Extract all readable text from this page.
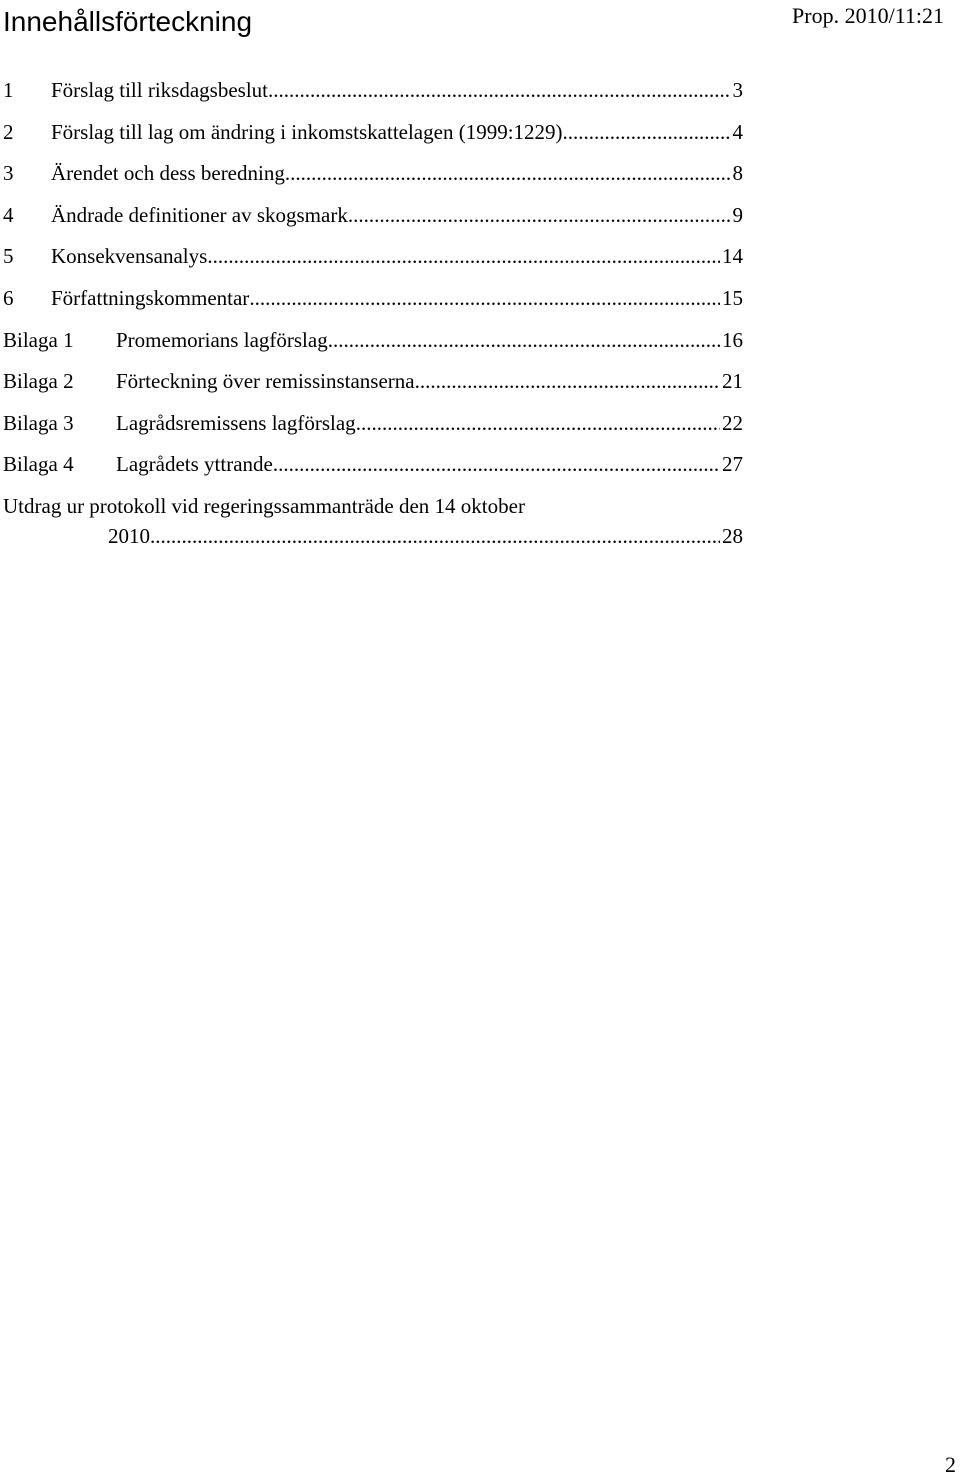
Innehållsförteckning	Prop. 2010/11:21
1	Förslag till riksdagsbeslut .....	3
2	Förslag till lag om ändring i inkomstskattelagen (1999:1229) .....	4
3	Ärendet och dess beredning .....	8
4	Ändrade definitioner av skogsmark .....	9
5	Konsekvensanalys .....	14
6	Författningskommentar .....	15
Bilaga 1	Promemorians lagförslag .....	16
Bilaga 2	Förteckning över remissinstanserna .....	21
Bilaga 3	Lagrådsremissens lagförslag .....	22
Bilaga 4	Lagrådets yttrande .....	27
Utdrag ur protokoll vid regeringssammanträde den 14 oktober
2010 .....	28
2
